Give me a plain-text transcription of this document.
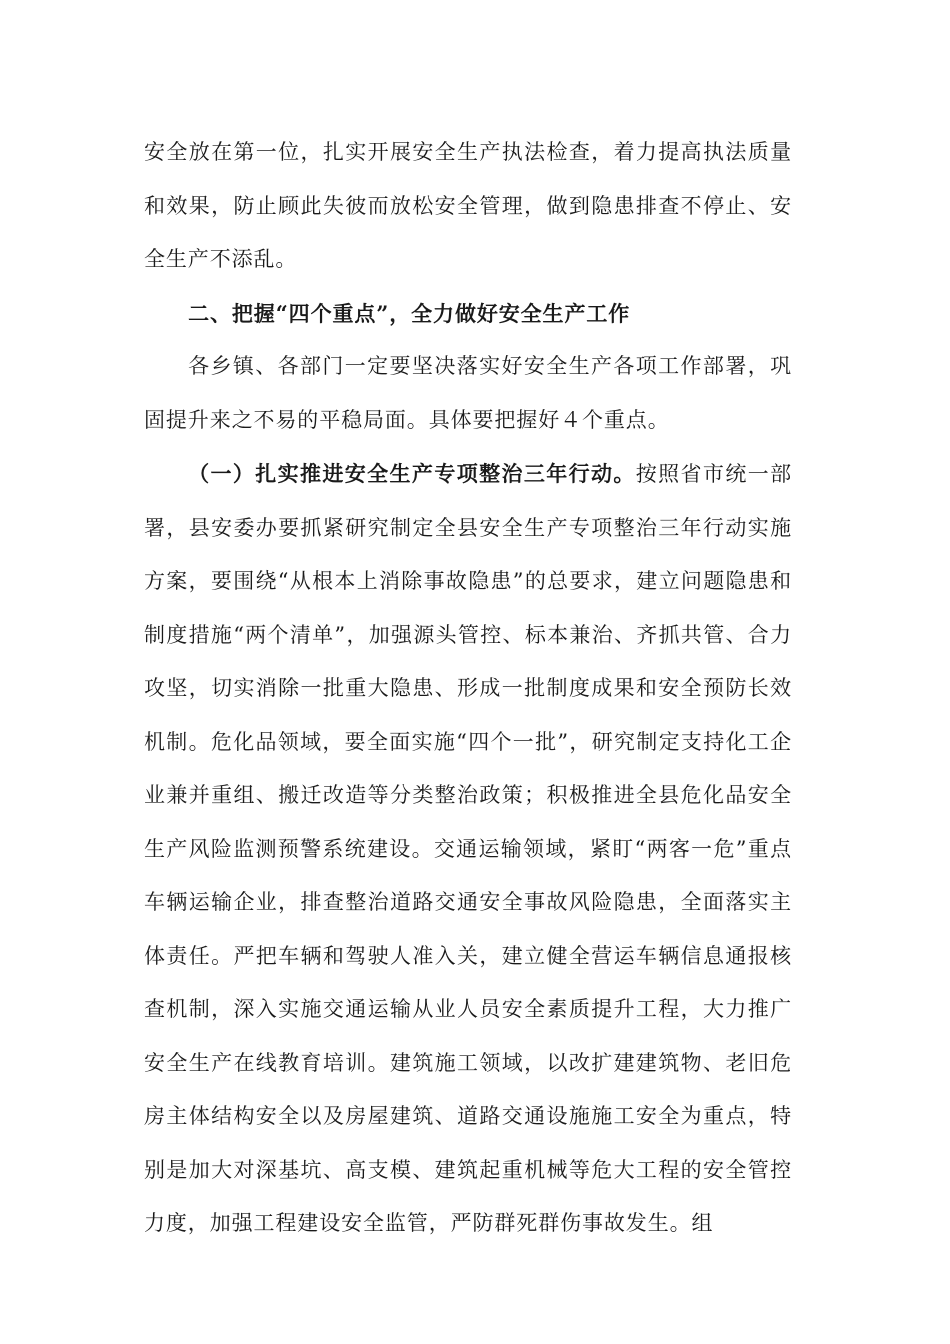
安全放在第一位，扎实开展安全生产执法检查，着力提高执法质量和效果，防止顾此失彼而放松安全管理，做到隐患排查不停止、安全生产不添乱。

二、把握“四个重点”，全力做好安全生产工作

各乡镇、各部门一定要坚决落实好安全生产各项工作部署，巩固提升来之不易的平稳局面。具体要把握好４个重点。

（一）扎实推进安全生产专项整治三年行动。按照省市统一部署，县安委办要抓紧研究制定全县安全生产专项整治三年行动实施方案，要围绕“从根本上消除事故隐患”的总要求，建立问题隐患和制度措施“两个清单”，加强源头管控、标本兼治、齐抓共管、合力攻坚，切实消除一批重大隐患、形成一批制度成果和安全预防长效机制。危化品领域，要全面实施“四个一批”，研究制定支持化工企业兼并重组、搬迁改造等分类整治政策；积极推进全县危化品安全生产风险监测预警系统建设。交通运输领域，紧盯“两客一危”重点车辆运输企业，排查整治道路交通安全事故风险隐患，全面落实主体责任。严把车辆和驾驶人准入关，建立健全营运车辆信息通报核查机制，深入实施交通运输从业人员安全素质提升工程，大力推广安全生产在线教育培训。建筑施工领域，以改扩建建筑物、老旧危房主体结构安全以及房屋建筑、道路交通设施施工安全为重点，特别是加大对深基坑、高支模、建筑起重机械等危大工程的安全管控力度，加强工程建设安全监管，严防群死群伤事故发生。组
